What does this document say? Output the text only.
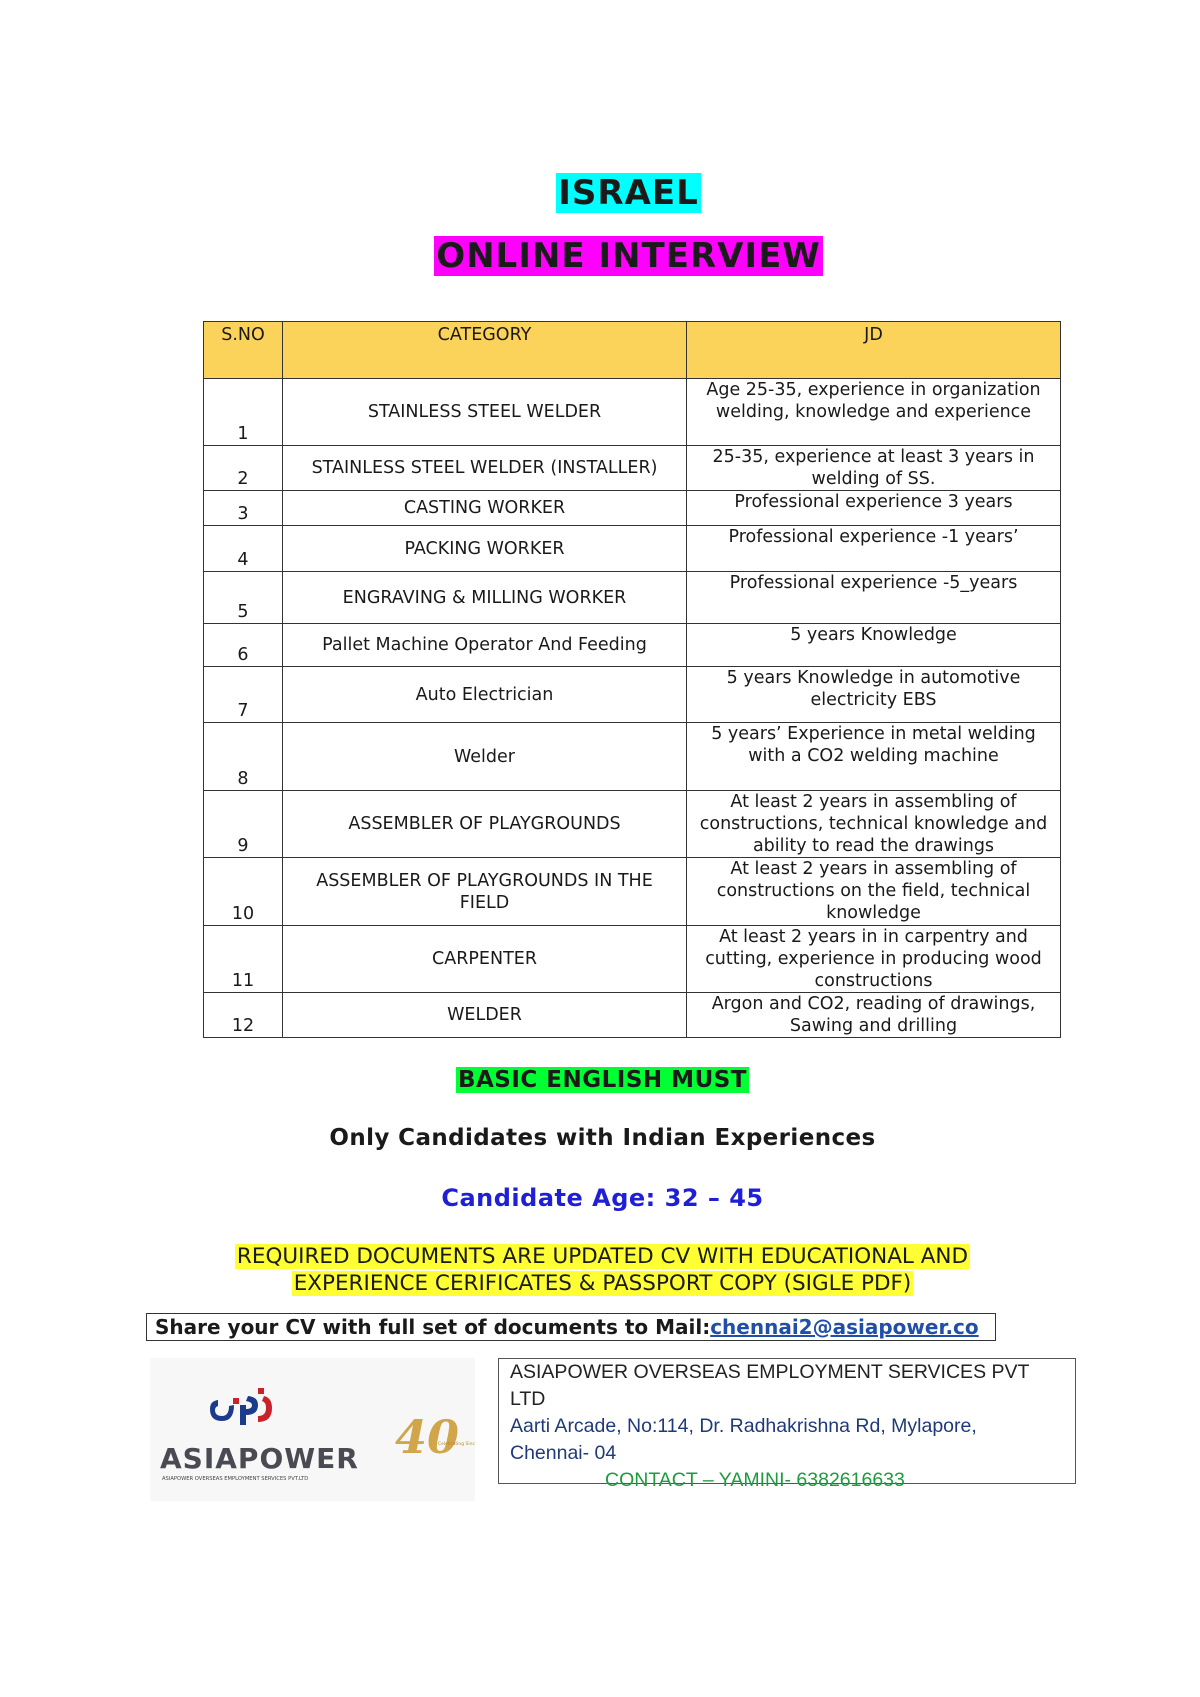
ISRAEL
ONLINE INTERVIEW
S.NO	CATEGORY	JD
1	STAINLESS STEEL WELDER	Age 25-35, experience in organization welding, knowledge and experience
2	STAINLESS STEEL WELDER (INSTALLER)	25-35, experience at least 3 years in welding of SS.
3	CASTING WORKER	Professional experience 3 years
4	PACKING WORKER	Professional experience -1 years’
5	ENGRAVING & MILLING WORKER	Professional experience -5_years
6	Pallet Machine Operator And Feeding	5 years Knowledge
7	Auto Electrician	5 years Knowledge in automotive electricity EBS
8	Welder	5 years’ Experience in metal welding with a CO2 welding machine
9	ASSEMBLER OF PLAYGROUNDS	At least 2 years in assembling of constructions, technical knowledge and ability to read the drawings
10	ASSEMBLER OF PLAYGROUNDS IN THE FIELD	At least 2 years in assembling of constructions on the field, technical knowledge
11	CARPENTER	At least 2 years in in carpentry and cutting, experience in producing wood constructions
12	WELDER	Argon and CO2, reading of drawings, Sawing and drilling
BASIC ENGLISH MUST
Only Candidates with Indian Experiences
Candidate Age: 32 – 45
REQUIRED DOCUMENTS ARE UPDATED CV WITH EDUCATIONAL AND
EXPERIENCE CERIFICATES & PASSPORT COPY (SIGLE PDF)
Share your CV with full set of documents to Mail:chennai2@asiapower.co
ASIAPOWER
ASIAPOWER OVERSEAS EMPLOYMENT SERVICES PVT.LTD
40
Celebrating Sinc
ASIAPOWER OVERSEAS EMPLOYMENT SERVICES PVT LTD
Aarti Arcade, No:114, Dr. Radhakrishna Rd, Mylapore,
Chennai- 04
CONTACT – YAMINI- 6382616633
